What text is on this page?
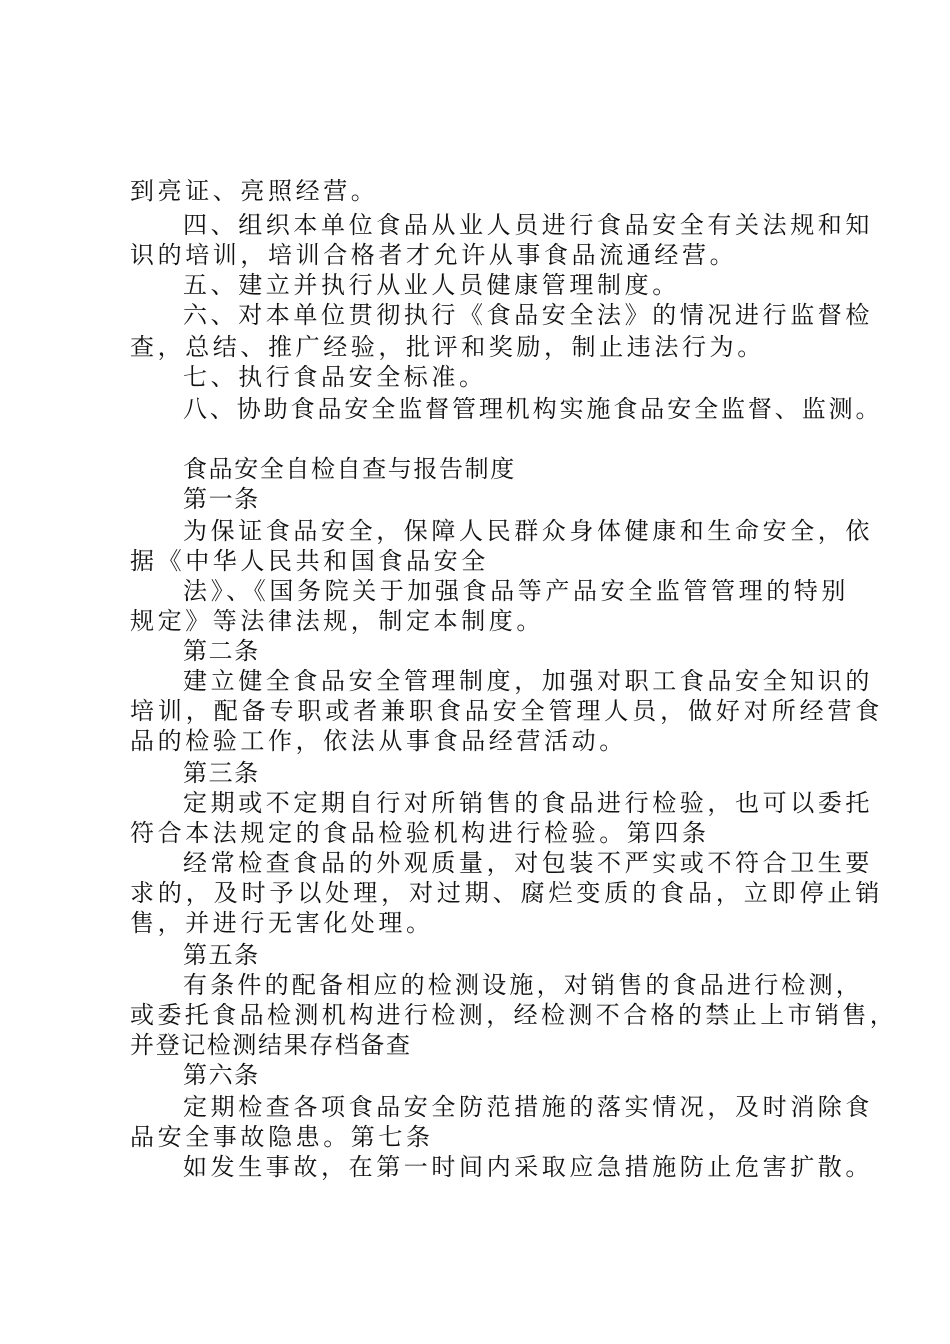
到亮证、亮照经营。
四、组织本单位食品从业人员进行食品安全有关法规和知
识的培训，培训合格者才允许从事食品流通经营。
五、建立并执行从业人员健康管理制度。
六、对本单位贯彻执行《食品安全法》的情况进行监督检
查，总结、推广经验，批评和奖励，制止违法行为。
七、执行食品安全标准。
八、协助食品安全监督管理机构实施食品安全监督、监测。
食品安全自检自查与报告制度
第一条
为保证食品安全，保障人民群众身体健康和生命安全，依
据《中华人民共和国食品安全
法》、《国务院关于加强食品等产品安全监管管理的特别
规定》等法律法规，制定本制度。
第二条
建立健全食品安全管理制度，加强对职工食品安全知识的
培训，配备专职或者兼职食品安全管理人员，做好对所经营食
品的检验工作，依法从事食品经营活动。
第三条
定期或不定期自行对所销售的食品进行检验，也可以委托
符合本法规定的食品检验机构进行检验。第四条
经常检查食品的外观质量，对包装不严实或不符合卫生要
求的，及时予以处理，对过期、腐烂变质的食品，立即停止销
售，并进行无害化处理。
第五条
有条件的配备相应的检测设施，对销售的食品进行检测，
或委托食品检测机构进行检测，经检测不合格的禁止上市销售，
并登记检测结果存档备查
第六条
定期检查各项食品安全防范措施的落实情况，及时消除食
品安全事故隐患。第七条
如发生事故，在第一时间内采取应急措施防止危害扩散。
